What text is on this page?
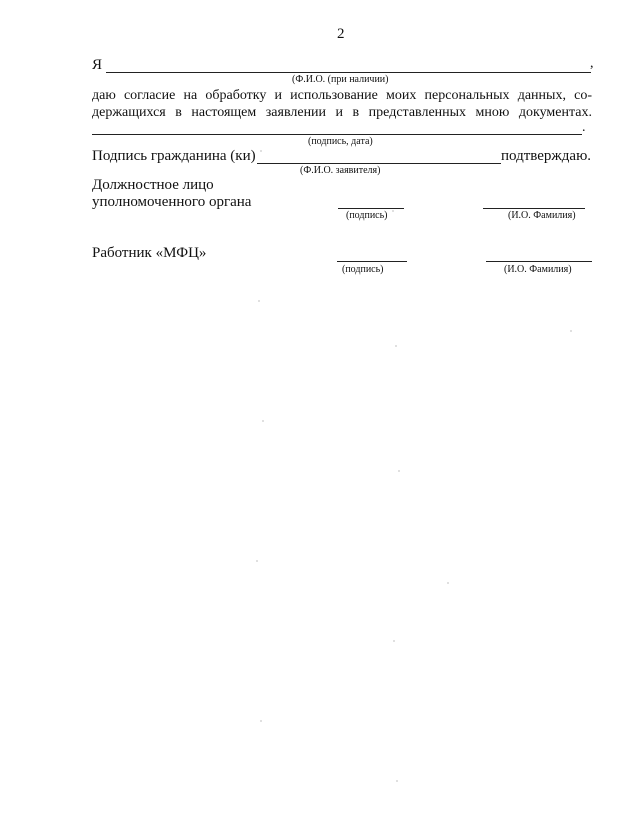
2
Я	,
(Ф.И.О. (при наличии)
даю согласие на обработку и использование моих персональных данных, со-
держащихся в настоящем заявлении и в представленных мною документах.
.
(подпись, дата)
Подпись гражданина (ки)	подтверждаю.
(Ф.И.О. заявителя)
Должностное лицо
уполномоченного органа
(подпись)	(И.О. Фамилия)
Работник «МФЦ»
(подпись)	(И.О. Фамилия)
